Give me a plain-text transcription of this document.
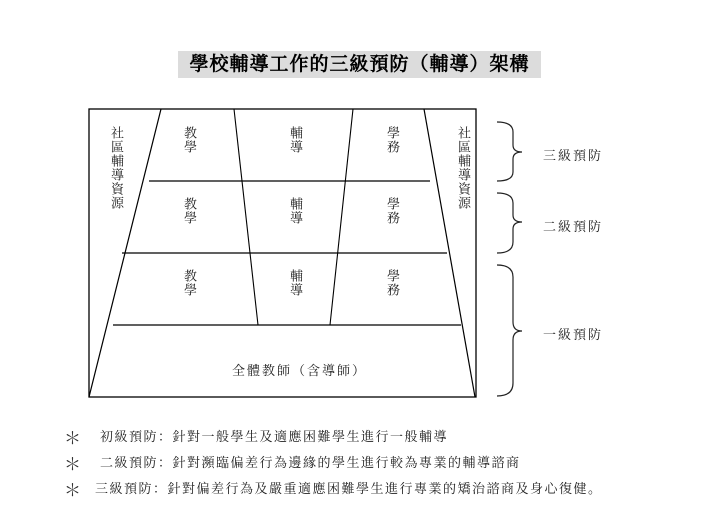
學校輔導工作的三級預防（輔導）架構
社區輔導資源	社區輔導資源
教學	輔導	學務
教學	輔導	學務
教學	輔導	學務
全體教師（含導師）
三級預防
二級預防
一級預防
＊ 初級預防：針對一般學生及適應困難學生進行一般輔導
＊ 二級預防：針對瀕臨偏差行為邊緣的學生進行較為專業的輔導諮商
＊ 三級預防：針對偏差行為及嚴重適應困難學生進行專業的矯治諮商及身心復健。
